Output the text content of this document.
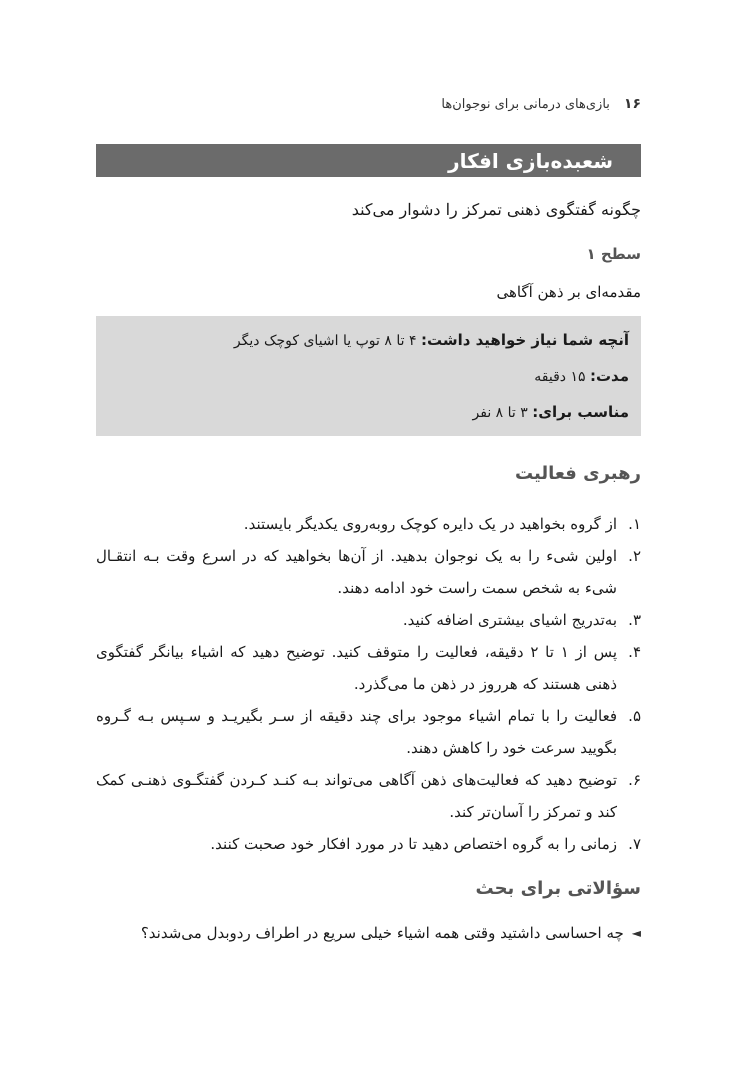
۱۶
بازی‌های درمانی برای نوجوان‌ها
شعبده‌بازی افکار
چگونه گفتگوی ذهنی تمرکز را دشوار می‌کند
سطح ۱
مقدمه‌ای بر ذهن آگاهی
آنچه شما نیاز خواهید داشت: ۴ تا ۸ توپ یا اشیای کوچک دیگر
مدت: ۱۵ دقیقه
مناسب برای: ۳ تا ۸ نفر
رهبری فعالیت
۱.
از گروه بخواهید در یک دایره کوچک روبه‌روی یکدیگر بایستند.
۲.
اولین شیء را به یک نوجوان بدهید. از آن‌ها بخواهید که در اسرع وقت بـه انتقـال شیء به شخص سمت راست خود ادامه دهند.
۳.
به‌تدریج اشیای بیشتری اضافه کنید.
۴.
پس از ۱ تا ۲ دقیقه، فعالیت را متوقف کنید. توضیح دهید که اشیاء بیانگر گفتگوی ذهنی هستند که هرروز در ذهن ما می‌گذرد.
۵.
فعالیت را با تمام اشیاء موجود برای چند دقیقه از سـر بگیریـد و سـپس بـه گـروه بگویید سرعت خود را کاهش دهند.
۶.
توضیح دهید که فعالیت‌های ذهن آگاهی می‌تواند بـه کنـد کـردن گفتگـوی ذهنـی کمک کند و تمرکز را آسان‌تر کند.
۷.
زمانی را به گروه اختصاص دهید تا در مورد افکار خود صحبت کنند.
سؤالاتی برای بحث
◄
چه احساسی داشتید وقتی همه اشیاء خیلی سریع در اطراف ردوبدل می‌شدند؟
